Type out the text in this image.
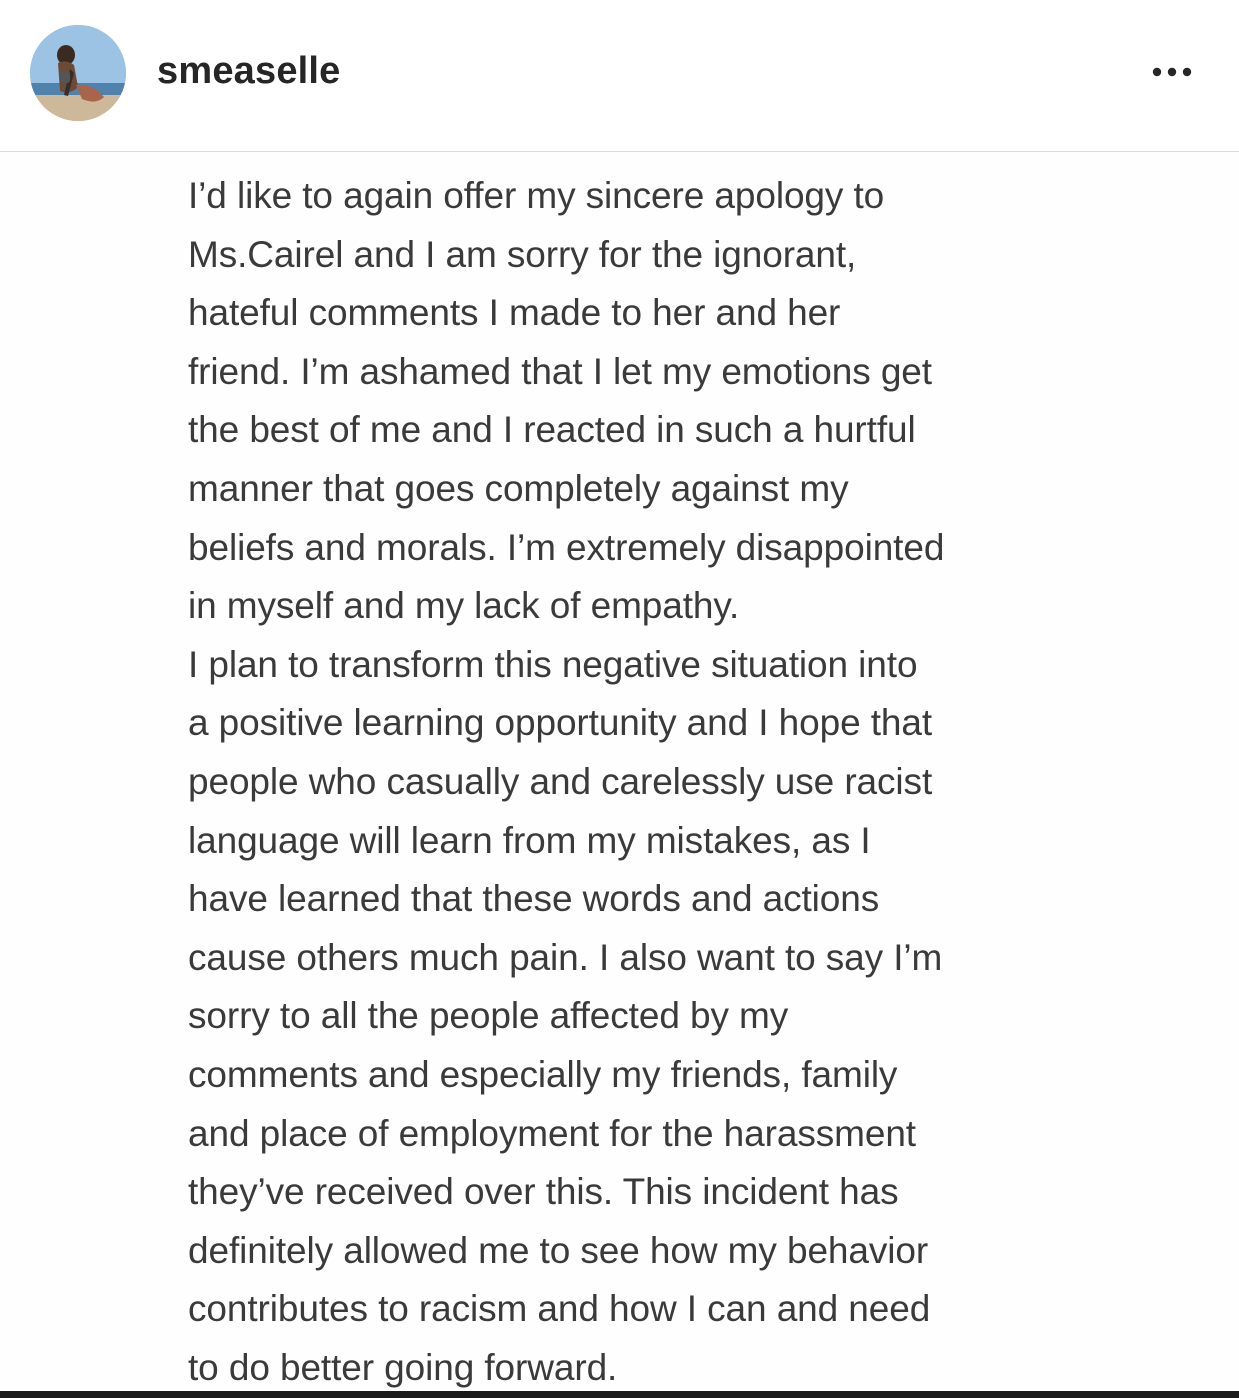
smeaselle

I’d like to again offer my sincere apology to
Ms.Cairel and I am sorry for the ignorant,
hateful comments I made to her and her
friend. I’m ashamed that I let my emotions get
the best of me and I reacted in such a hurtful
manner that goes completely against my
beliefs and morals. I’m extremely disappointed
in myself and my lack of empathy.
I plan to transform this negative situation into
a positive learning opportunity and I hope that
people who casually and carelessly use racist
language will learn from my mistakes, as I
have learned that these words and actions
cause others much pain. I also want to say I’m
sorry to all the people affected by my
comments and especially my friends, family
and place of employment for the harassment
they’ve received over this. This incident has
definitely allowed me to see how my behavior
contributes to racism and how I can and need
to do better going forward.
